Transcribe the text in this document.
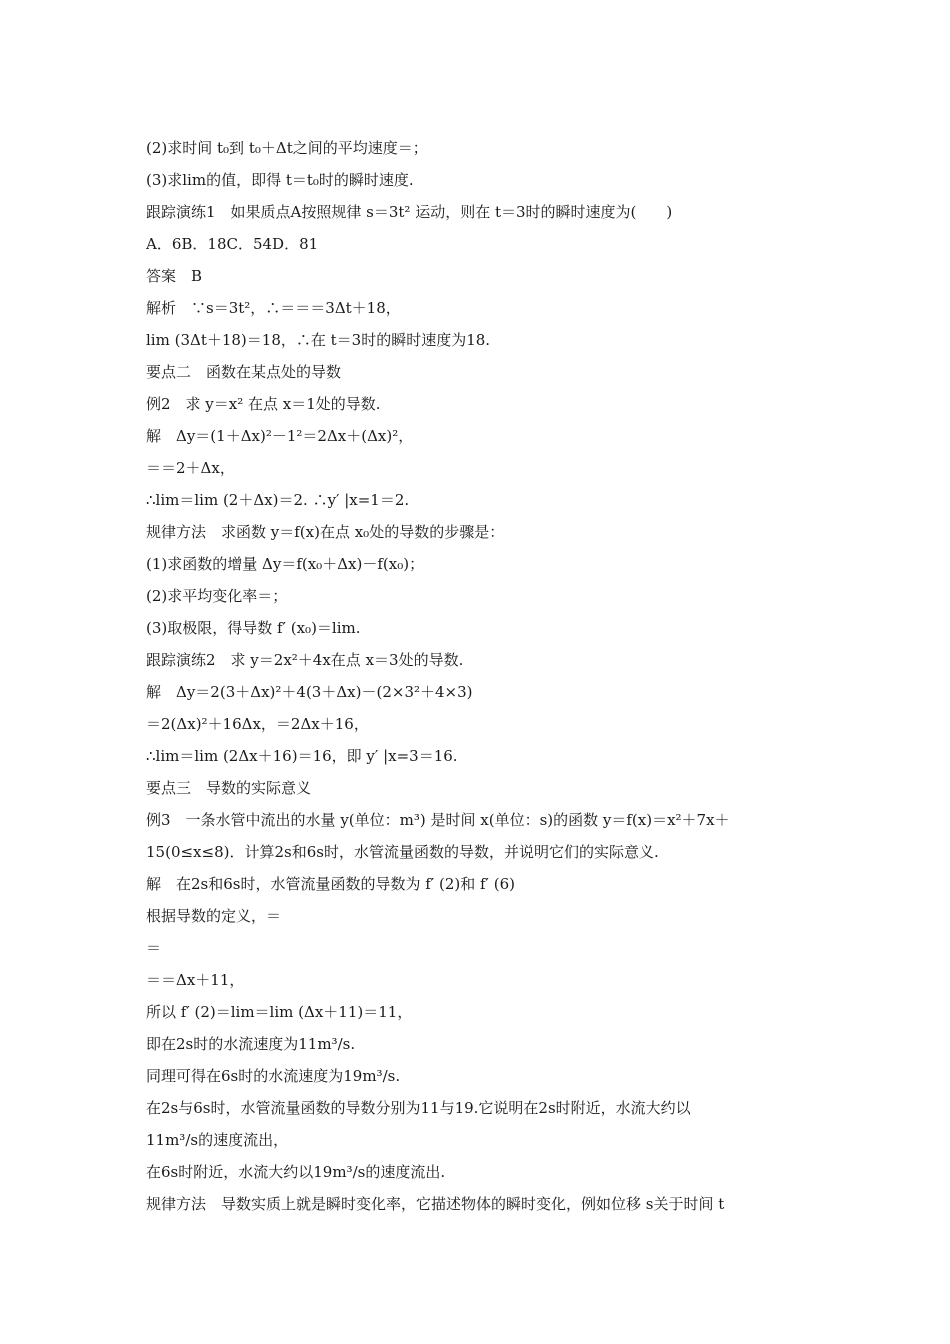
(2)求时间 t₀到 t₀＋Δt之间的平均速度＝；
(3)求lim的值，即得 t＝t₀时的瞬时速度.
跟踪演练1　如果质点A按照规律 s＝3t² 运动，则在 t＝3时的瞬时速度为(　　)
A．6B．18C．54D．81
答案　B
解析　∵s＝3t²，∴＝＝＝3Δt＋18，
lim (3Δt＋18)＝18，∴在 t＝3时的瞬时速度为18.
要点二　函数在某点处的导数
例2　求 y＝x² 在点 x＝1处的导数.
解　Δy＝(1＋Δx)²－1²＝2Δx＋(Δx)²，
＝＝2＋Δx，
∴lim＝lim (2＋Δx)＝2. ∴y′ |x=1＝2.
规律方法　求函数 y＝f(x)在点 x₀处的导数的步骤是：
(1)求函数的增量 Δy＝f(x₀＋Δx)－f(x₀)；
(2)求平均变化率＝；
(3)取极限，得导数 f′ (x₀)＝lim.
跟踪演练2　求 y＝2x²＋4x在点 x＝3处的导数.
解　Δy＝2(3＋Δx)²＋4(3＋Δx)－(2×3²＋4×3)
＝2(Δx)²＋16Δx，＝2Δx＋16，
∴lim＝lim (2Δx＋16)＝16，即 y′ |x=3＝16.
要点三　导数的实际意义
例3　一条水管中流出的水量 y(单位：m³) 是时间 x(单位：s)的函数 y＝f(x)＝x²＋7x＋
15(0≤x≤8)．计算2s和6s时，水管流量函数的导数，并说明它们的实际意义.
解　在2s和6s时，水管流量函数的导数为 f′ (2)和 f′ (6)
根据导数的定义，＝
＝
＝＝Δx＋11，
所以 f′ (2)＝lim＝lim (Δx＋11)＝11，
即在2s时的水流速度为11m³/s.
同理可得在6s时的水流速度为19m³/s.
在2s与6s时，水管流量函数的导数分别为11与19.它说明在2s时附近，水流大约以
11m³/s的速度流出，
在6s时附近，水流大约以19m³/s的速度流出.
规律方法　导数实质上就是瞬时变化率，它描述物体的瞬时变化，例如位移 s关于时间 t
